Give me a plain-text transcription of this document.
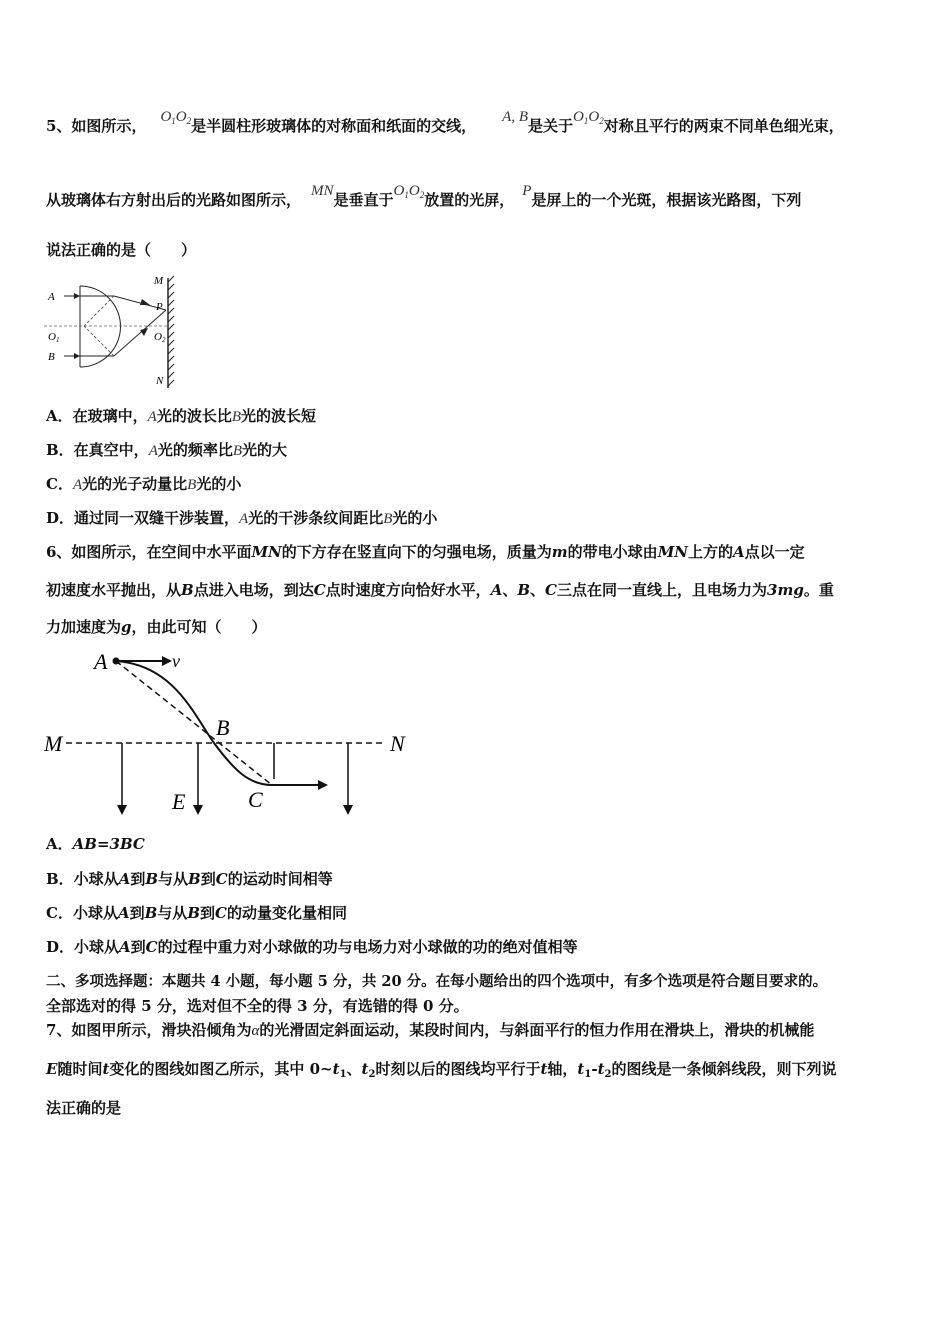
5、如图所示， $O_1O_2$是半圆柱形玻璃体的对称面和纸面的交线， A, B是关于$O_1O_2$对称且平行的两束不同单色细光束，
从玻璃体右方射出后的光路如图所示， MN是垂直于$O_1O_2$放置的光屏， P是屏上的一个光斑，根据该光路图，下列
说法正确的是（　　）
A
B
O1
M
P
O2
N
A．在玻璃中，A光的波长比B光的波长短
B．在真空中，A光的频率比B光的大
C．A光的光子动量比B光的小
D．通过同一双缝干涉装置，A光的干涉条纹间距比B光的小
6、如图所示，在空间中水平面MN的下方存在竖直向下的匀强电场，质量为m的带电小球由MN上方的A点以一定
初速度水平抛出，从B点进入电场，到达C点时速度方向恰好水平，A、B、C三点在同一直线上，且电场力为3mg。重
力加速度为g，由此可知（　　）
A	v
M	N
B
C
E
A．AB=3BC
B．小球从A到B与从B到C的运动时间相等
C．小球从A到B与从B到C的动量变化量相同
D．小球从A到C的过程中重力对小球做的功与电场力对小球做的功的绝对值相等
二、多项选择题：本题共 4 小题，每小题 5 分，共 20 分。在每小题给出的四个选项中，有多个选项是符合题目要求的。
全部选对的得 5 分，选对但不全的得 3 分，有选错的得 0 分。
7、如图甲所示，滑块沿倾角为α的光滑固定斜面运动，某段时间内，与斜面平行的恒力作用在滑块上，滑块的机械能
E随时间t变化的图线如图乙所示，其中 $0\sim t_1$、$t_2$时刻以后的图线均平行于t轴，$t_1-t_2$的图线是一条倾斜线段，则下列说
法正确的是
